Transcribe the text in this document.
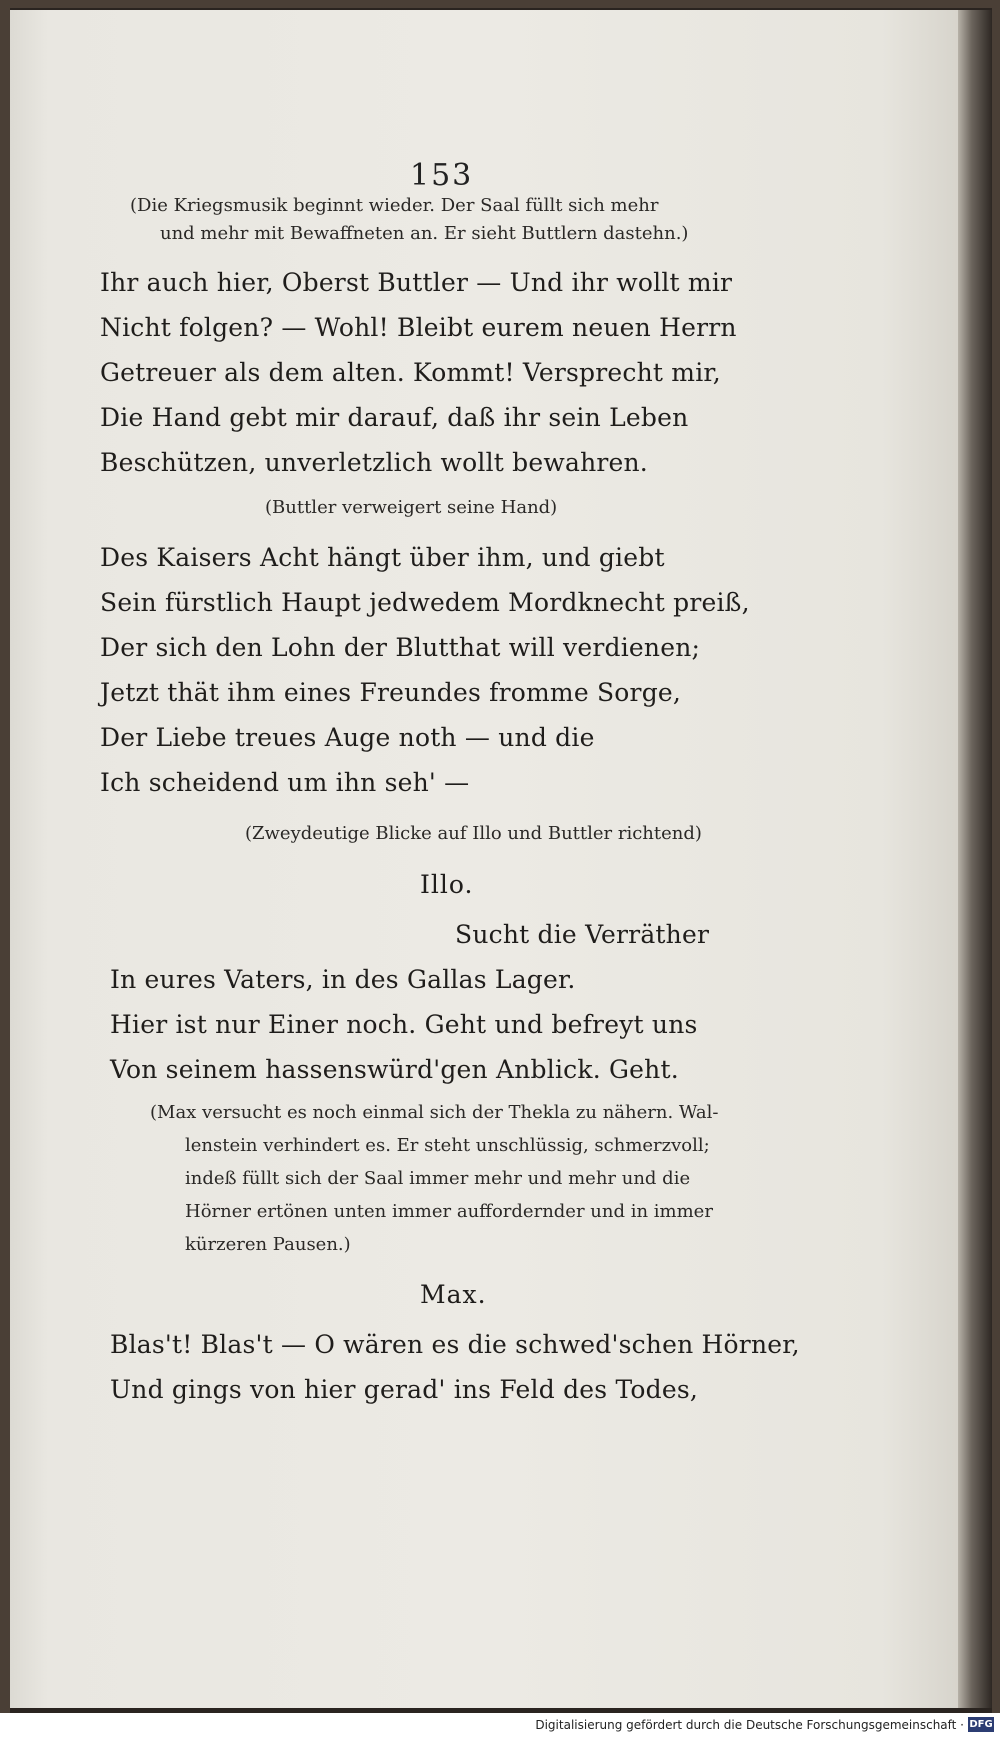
153
(Die Kriegsmusik beginnt wieder. Der Saal füllt sich mehr
und mehr mit Bewaffneten an. Er sieht Buttlern dastehn.)
Ihr auch hier, Oberst Buttler — Und ihr wollt mir
Nicht folgen? — Wohl! Bleibt eurem neuen Herrn
Getreuer als dem alten. Kommt! Versprecht mir,
Die Hand gebt mir darauf, daß ihr sein Leben
Beschützen, unverletzlich wollt bewahren.
(Buttler verweigert seine Hand)
Des Kaisers Acht hängt über ihm, und giebt
Sein fürstlich Haupt jedwedem Mordknecht preiß,
Der sich den Lohn der Blutthat will verdienen;
Jetzt thät ihm eines Freundes fromme Sorge,
Der Liebe treues Auge noth — und die
Ich scheidend um ihn seh' —
(Zweydeutige Blicke auf Illo und Buttler richtend)
Illo.
Sucht die Verräther
In eures Vaters, in des Gallas Lager.
Hier ist nur Einer noch. Geht und befreyt uns
Von seinem hassenswürd'gen Anblick. Geht.
(Max versucht es noch einmal sich der Thekla zu nähern. Wal-
lenstein verhindert es. Er steht unschlüssig, schmerzvoll;
indeß füllt sich der Saal immer mehr und mehr und die
Hörner ertönen unten immer auffordernder und in immer
kürzeren Pausen.)
Max.
Blas't! Blas't — O wären es die schwed'schen Hörner,
Und gings von hier gerad' ins Feld des Todes,
Digitalisierung gefördert durch die Deutsche Forschungsgemeinschaft · DFG
